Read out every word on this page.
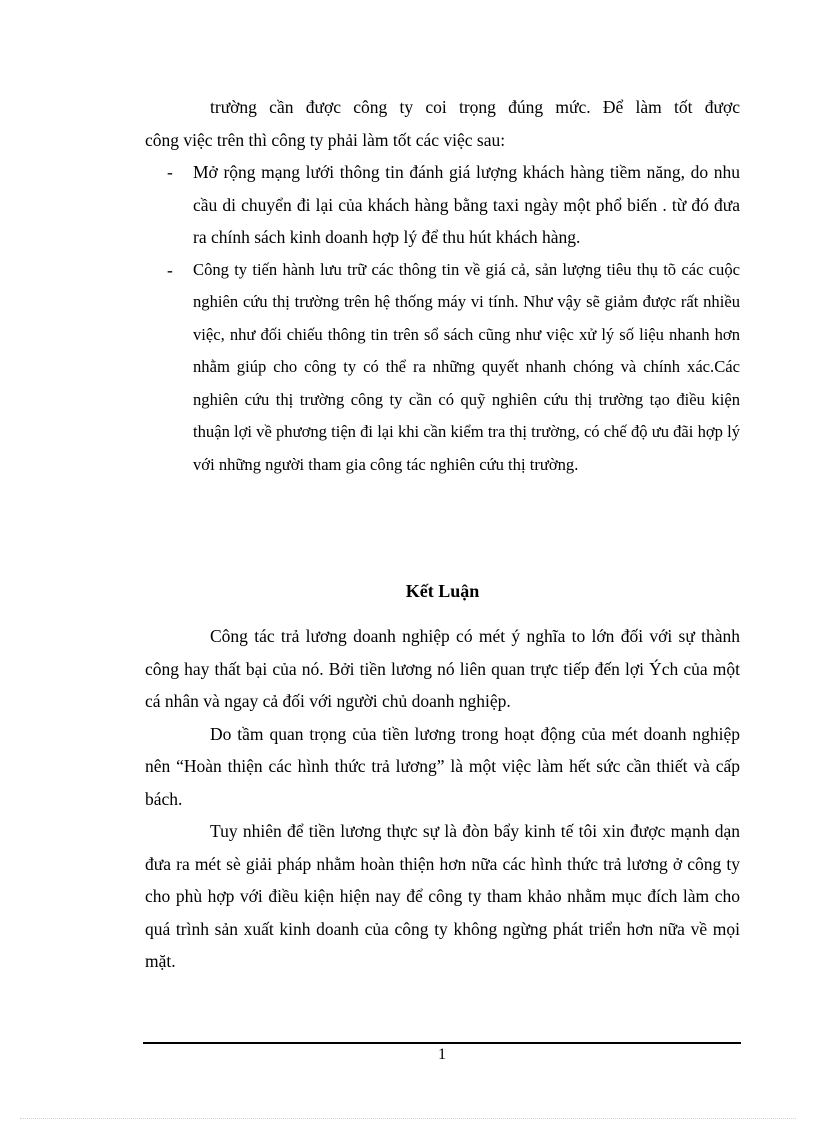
trường cần được công ty coi trọng đúng mức. Để làm tốt được

công việc trên thì công ty phải làm tốt các việc sau:

- Mở rộng mạng lưới thông tin đánh giá lượng khách hàng tiềm năng, do nhu cầu di chuyển đi lại của khách hàng bằng taxi ngày một phổ biến . từ đó đưa ra chính sách kinh doanh hợp lý để thu hút khách hàng.
- Công ty tiến hành lưu trữ các thông tin về giá cả, sản lượng tiêu thụ tõ các cuộc nghiên cứu thị trường trên hệ thống máy vi tính. Như vậy sẽ giảm được rất nhiều việc, như đối chiếu thông tin trên sổ sách cũng như việc xử lý số liệu nhanh hơn nhằm giúp cho công ty có thể ra những quyết nhanh chóng và chính xác.Các nghiên cứu thị trường công ty cần có quỹ nghiên cứu thị trường tạo điều kiện thuận lợi về phương tiện đi lại khi cần kiểm tra thị trường, có chế độ ưu đãi hợp lý với những người tham gia công tác nghiên cứu thị trường.
Kết Luận

Công tác trả lương doanh nghiệp có mét ý nghĩa to lớn đối với sự thành công hay thất bại của nó. Bởi tiền lương nó liên quan trực tiếp đến lợi Ých của một cá nhân và ngay cả đối với người chủ doanh nghiệp.

Do tầm quan trọng của tiền lương trong hoạt động của mét doanh nghiệp nên “Hoàn thiện các hình thức trả lương” là một việc làm hết sức cần thiết và cấp bách.

Tuy nhiên để tiền lương thực sự là đòn bẩy kinh tế tôi xin được mạnh dạn đưa ra mét sè giải pháp nhằm hoàn thiện hơn nữa các hình thức trả lương ở công ty cho phù hợp với điều kiện hiện nay để công ty tham khảo nhằm mục đích làm cho quá trình sản xuất kinh doanh của công ty không ngừng phát triển hơn nữa về mọi mặt.

1
